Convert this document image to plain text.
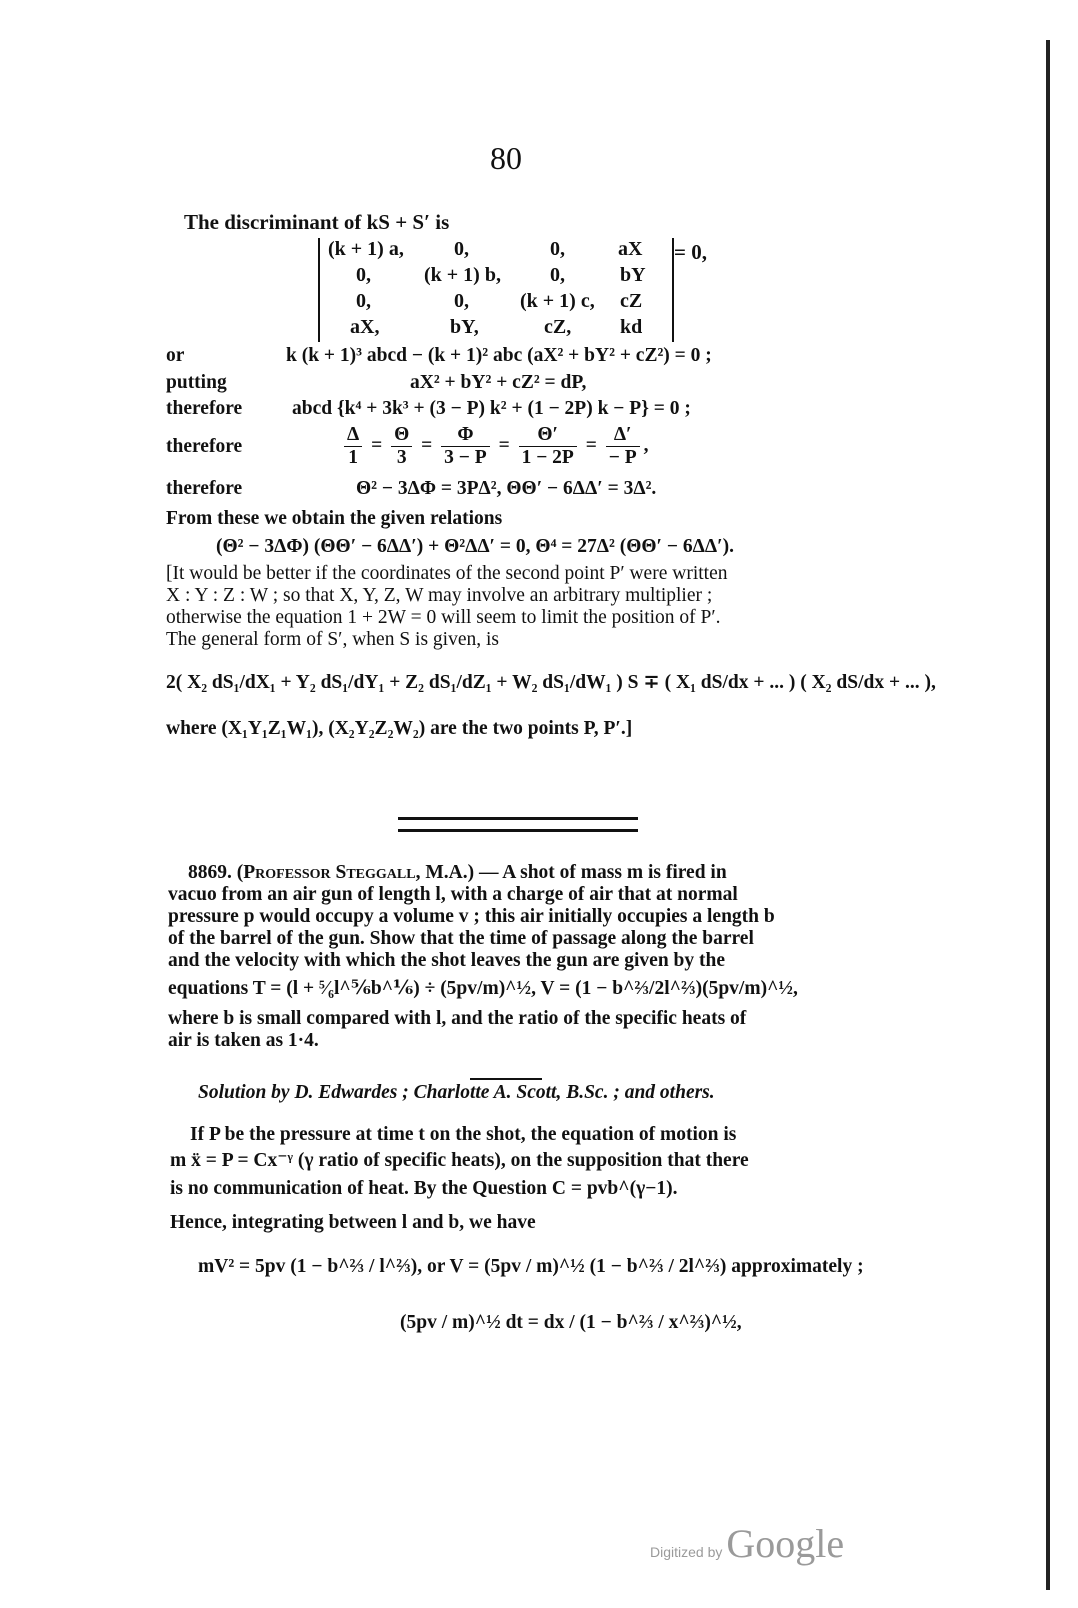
80
The discriminant of kS + S′ is
(k + 1) a,	0,	0,	aX
0,	(k + 1) b, 0,	bY
0,	0,	(k + 1) c, cZ
aX,	bY,	cZ, kd
= 0,
or	k (k + 1)³ abcd − (k + 1)² abc (aX² + bY² + cZ²) = 0 ;
putting	aX² + bY² + cZ² = dP,
therefore	abcd {k⁴ + 3k³ + (3 − P) k² + (1 − 2P) k − P} = 0 ;
therefore	$\frac{\Delta}{1} = \frac{\Theta}{3} = \frac{\Phi}{3 - P} = \frac{\Theta'}{1 - 2P} = \frac{\Delta'}{- P}$ ,
therefore	Θ² − 3ΔΦ = 3PΔ², ΘΘ′ − 6ΔΔ′ = 3Δ².
From these we obtain the given relations
(Θ² − 3ΔΦ) (ΘΘ′ − 6ΔΔ′) + Θ²ΔΔ′ = 0, Θ⁴ = 27Δ² (ΘΘ′ − 6ΔΔ′).
[It would be better if the coordinates of the second point P′ were written
X : Y : Z : W ; so that X, Y, Z, W may involve an arbitrary multiplier ;
otherwise the equation 1 + 2W = 0 will seem to limit the position of P′.
The general form of S′, when S is given, is
2( X₂ dS₁/dX₁ + Y₂ dS₁/dY₁ + Z₂ dS₁/dZ₁ + W₂ dS₁/dW₁ ) S ∓ ( X₁ dS/dx + ... ) ( X₂ dS/dx + ... ),
where (X₁Y₁Z₁W₁), (X₂Y₂Z₂W₂) are the two points P, P′.]
8869. (Professor Steggall, M.A.) — A shot of mass m is fired in
vacuo from an air gun of length l, with a charge of air that at normal
pressure p would occupy a volume v ; this air initially occupies a length b
of the barrel of the gun. Show that the time of passage along the barrel
and the velocity with which the shot leaves the gun are given by the
equations T = (l + ⁵⁄₆l^⅚b^⅙) ÷ (5pv/m)^½, V = (1 − b^⅔/2l^⅔)(5pv/m)^½,
where b is small compared with l, and the ratio of the specific heats of
air is taken as 1·4.
Solution by D. Edwardes ; Charlotte A. Scott, B.Sc. ; and others.
If P be the pressure at time t on the shot, the equation of motion is
m ẍ = P = Cx⁻ᵞ (γ ratio of specific heats), on the supposition that there
is no communication of heat. By the Question C = pvb^(γ−1).
Hence, integrating between l and b, we have
mV² = 5pv (1 − b^⅔ / l^⅔), or V = (5pv / m)^½ (1 − b^⅔ / 2l^⅔) approximately ;
(5pv / m)^½ dt = dx / (1 − b^⅔ / x^⅔)^½,
Digitized by Google
